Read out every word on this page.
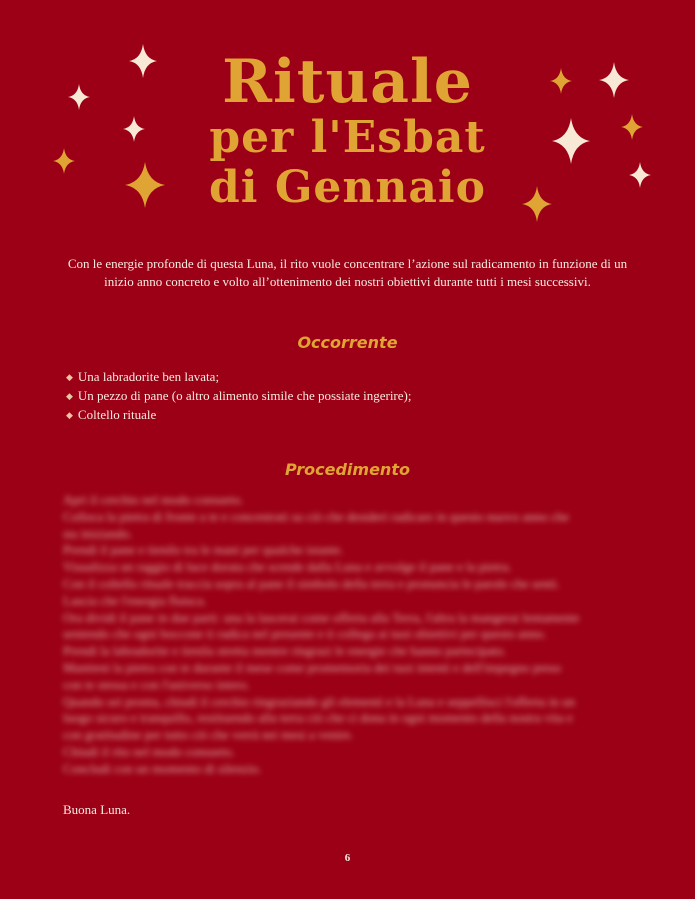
Rituale
per l'Esbat
di Gennaio
Con le energie profonde di questa Luna, il rito vuole concentrare l’azione sul radicamento in funzione di un inizio anno concreto e volto all’ottenimento dei nostri obiettivi durante tutti i mesi successivi.
Occorrente
◆ Una labradorite ben lavata;
◆ Un pezzo di pane (o altro alimento simile che possiate ingerire);
◆ Coltello rituale
Procedimento

Apri il cerchio nel modo consueto.

Colloca la pietra di fronte a te e concentrati su ciò che desideri radicare in questo nuovo anno che

sta iniziando.

Prendi il pane e tienilo tra le mani per qualche istante.

Visualizza un raggio di luce dorata che scende dalla Luna e avvolge il pane e la pietra.

Con il coltello rituale traccia sopra al pane il simbolo della terra e pronuncia le parole che senti.

Lascia che l'energia fluisca.

Ora dividi il pane in due parti: una la lascerai come offerta alla Terra, l'altra la mangerai lentamente

sentendo che ogni boccone ti radica nel presente e ti collega ai tuoi obiettivi per questo anno.

Prendi la labradorite e tienila stretta mentre ringrazi le energie che hanno partecipato.

Mantieni la pietra con te durante il mese come promemoria dei tuoi intenti e dell'impegno preso

con te stessa e con l'universo intero.

Quando sei pronta, chiudi il cerchio ringraziando gli elementi e la Luna e seppellisci l'offerta in un

luogo sicuro e tranquillo, restituendo alla terra ciò che ci dona in ogni momento della nostra vita e

con gratitudine per tutto ciò che verrà nei mesi a venire.

Chiudi il rito nel modo consueto.

Concludi con un momento di silenzio.

Buona Luna.
6
